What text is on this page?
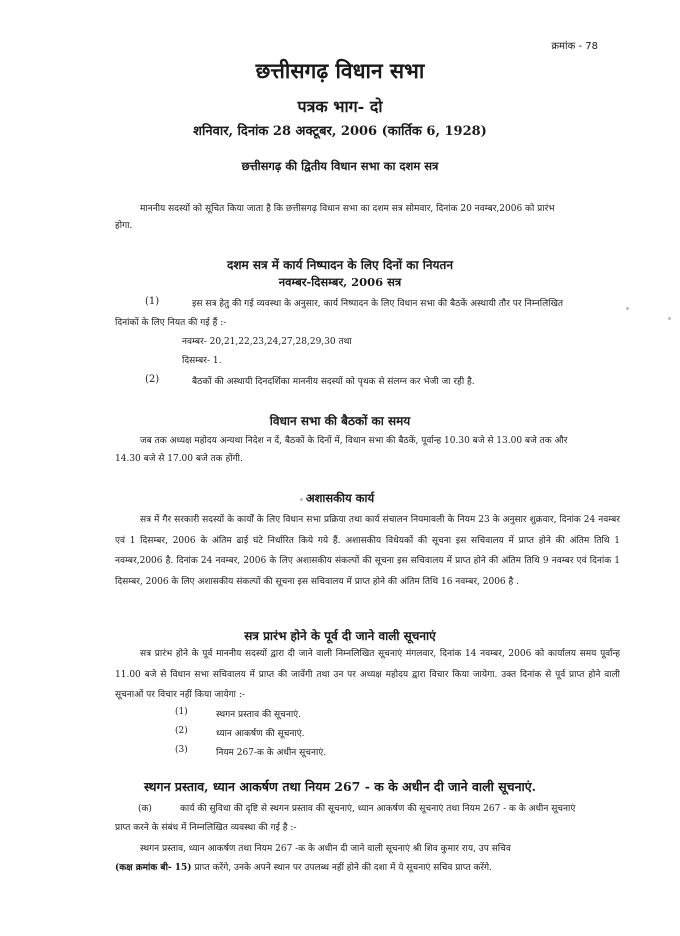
क्रमांक - 78
छत्तीसगढ़ विधान सभा
पत्रक भाग- दो
शनिवार, दिनांक 28 अक्टूबर, 2006 (कार्तिक 6, 1928)
छत्तीसगढ़ की द्वितीय विधान सभा का दशम सत्र
माननीय सदस्यों को सूचित किया जाता है कि छत्तीसगढ़ विधान सभा का दशम सत्र सोमवार, दिनांक 20 नवम्बर,2006 को प्रारंभ
होगा.
दशम सत्र में कार्य निष्पादन के लिए दिनों का नियतन
नवम्बर-दिसम्बर, 2006 सत्र
(1)	इस सत्र हेतु की गई व्यवस्था के अनुसार, कार्य निष्पादन के लिए विधान सभा की बैठकें अस्थायी तौर पर निम्नलिखित
दिनांकों के लिए नियत की गई हैं :-
नवम्बर- 20,21,22,23,24,27,28,29,30 तथा
दिसम्बर- 1.
(2)	बैठकों की अस्थायी दिनदर्शिका माननीय सदस्यों को पृथक से संलग्न कर भेजी जा रही है.
विधान सभा की बैठकों का समय
जब तक अध्यक्ष महोदय अन्यथा निदेश न दें, बैठकों के दिनों में, विधान सभा की बैठकें, पूर्वान्ह 10.30 बजे से 13.00 बजे तक और
14.30 बजे से 17.00 बजे तक होंगी.
अशासकीय कार्य
सत्र में गैर सरकारी सदस्यों के कार्यों के लिए विधान सभा प्रक्रिया तथा कार्य संचालन नियमावली के नियम 23 के अनुसार शुक्रवार, दिनांक 24 नवम्बर एवं 1 दिसम्बर, 2006 के अंतिम ढाई घंटे निर्धारित किये गये हैं. अशासकीय विधेयकों की सूचना इस सचिवालय में प्राप्त होने की अंतिम तिथि 1 नवम्बर,2006 है. दिनांक 24 नवम्बर, 2006 के लिए अशासकीय संकल्पों की सूचना इस सचिवालय में प्राप्त होने की अंतिम तिथि 9 नवम्बर एवं दिनांक 1 दिसम्बर, 2006 के लिए अशासकीय संकल्पों की सूचना इस सचिवालय में प्राप्त होने की अंतिम तिथि 16 नवम्बर, 2006 है .
सत्र प्रारंभ होने के पूर्व दी जाने वाली सूचनाएं
सत्र प्रारंभ होने के पूर्व माननीय सदस्यों द्वारा दी जाने वाली निम्नलिखित सूचनाएं मंगलवार, दिनांक 14 नवम्बर, 2006 को कार्यालय समय पूर्वान्ह 11.00 बजे से विधान सभा सचिवालय में प्राप्त की जावेंगी तथा उन पर अध्यक्ष महोदय द्वारा विचार किया जायेगा. उक्त दिनांक से पूर्व प्राप्त होने वाली सूचनाओं पर विचार नहीं किया जायेगा :-
(1)	स्थगन प्रस्ताव की सूचनाएं.
(2)	ध्यान आकर्षण की सूचनाएं.
(3)	नियम 267-क के अधीन सूचनाएं.
स्थगन प्रस्ताव, ध्यान आकर्षण तथा नियम 267 - क के अधीन दी जाने वाली सूचनाएं.
(क)	कार्य की सुविधा की दृष्टि से स्थगन प्रस्ताव की सूचनाएं, ध्यान आकर्षण की सूचनाएं तथा नियम 267 - क के अधीन सूचनाएं
प्राप्त करने के संबंध में निम्नलिखित व्यवस्था की गई है :-
स्थगन प्रस्ताव, ध्यान आकर्षण तथा नियम 267 -क के अधीन दी जाने वाली सूचनाएं श्री शिव कुमार राय, उप सचिव
(कक्ष क्रमांक बी- 15) प्राप्त करेंगे, उनके अपने स्थान पर उपलब्ध नहीं होने की दशा में ये सूचनाएं सचिव प्राप्त करेंगे.
